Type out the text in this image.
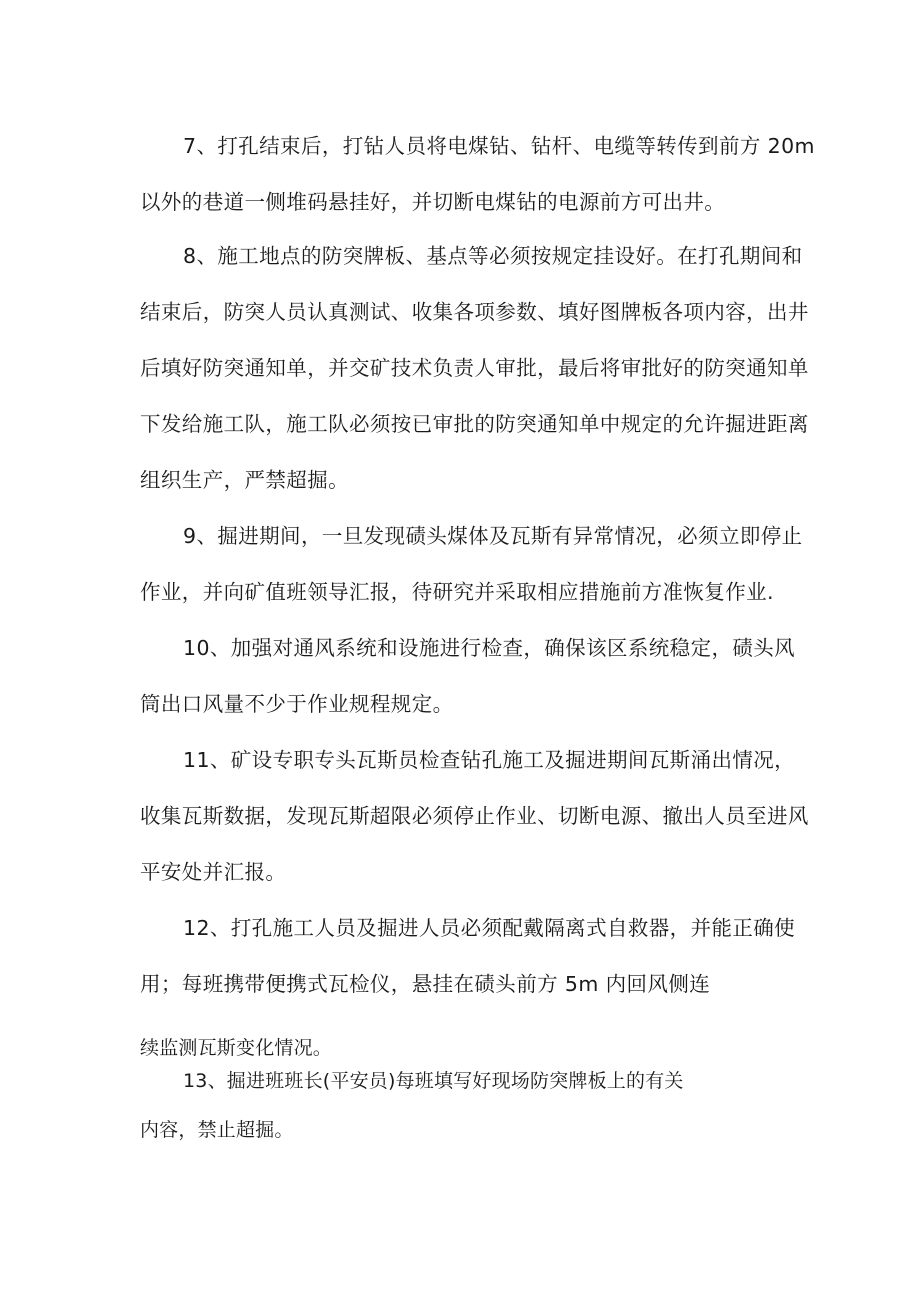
7、打孔结束后，打钻人员将电煤钻、钻杆、电缆等转传到前方 20m
以外的巷道一侧堆码悬挂好，并切断电煤钻的电源前方可出井。
8、施工地点的防突牌板、基点等必须按规定挂设好。在打孔期间和
结束后，防突人员认真测试、收集各项参数、填好图牌板各项内容，出井
后填好防突通知单，并交矿技术负责人审批，最后将审批好的防突通知单
下发给施工队，施工队必须按已审批的防突通知单中规定的允许掘进距离
组织生产，严禁超掘。
9、掘进期间，一旦发现碛头煤体及瓦斯有异常情况，必须立即停止
作业，并向矿值班领导汇报，待研究并采取相应措施前方准恢复作业.
10、加强对通风系统和设施进行检查，确保该区系统稳定，碛头风
筒出口风量不少于作业规程规定。
11、矿设专职专头瓦斯员检查钻孔施工及掘进期间瓦斯涌出情况，
收集瓦斯数据，发现瓦斯超限必须停止作业、切断电源、撤出人员至进风
平安处并汇报。
12、打孔施工人员及掘进人员必须配戴隔离式自救器，并能正确使
用；每班携带便携式瓦检仪，悬挂在碛头前方 5m 内回风侧连
续监测瓦斯变化情况。
13、掘进班班长(平安员)每班填写好现场防突牌板上的有关
内容，禁止超掘。
